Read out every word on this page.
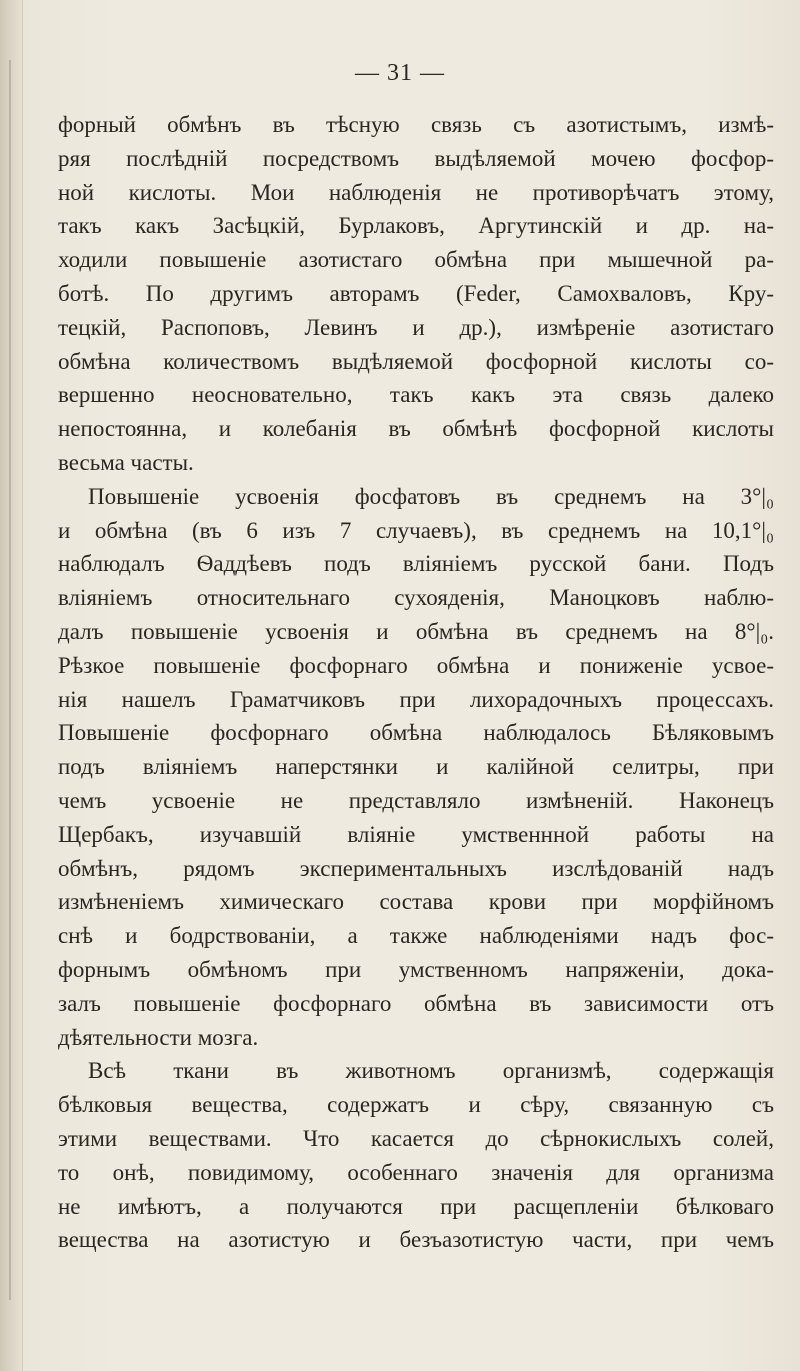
— 31 —
форный обмѣнъ въ тѣсную связь съ азотистымъ, измѣ-
ряя послѣднiй посредствомъ выдѣляемой мочею фосфор-
ной кислоты. Мои наблюденiя не противорѣчатъ этому,
такъ какъ Засѣцкiй, Бурлаковъ, Аргутинскiй и др. на-
ходили повышенiе азотистаго обмѣна при мышечной ра-
ботѣ. По другимъ авторамъ (Feder, Самохваловъ, Кру-
тецкiй, Распоповъ, Левинъ и др.), измѣренiе азотистаго
обмѣна количествомъ выдѣляемой фосфорной кислоты со-
вершенно неосновательно, такъ какъ эта связь далеко
непостоянна, и колебанiя въ обмѣнѣ фосфорной кислоты
весьма часты.
Повышенiе усвоенiя фосфатовъ въ среднемъ на 3°|₀
и обмѣна (въ 6 изъ 7 случаевъ), въ среднемъ на 10,1°|₀
наблюдалъ Ѳаддѣевъ подъ влiянiемъ русской бани. Подъ
влiянiемъ относительнаго сухояденiя, Маноцковъ наблю-
далъ повышенiе усвоенiя и обмѣна въ среднемъ на 8°|₀.
Рѣзкое повышенiе фосфорнаго обмѣна и пониженiе усвое-
нiя нашелъ Граматчиковъ при лихорадочныхъ процессахъ.
Повышенiе фосфорнаго обмѣна наблюдалось Бѣляковымъ
подъ влiянiемъ наперстянки и калiйной селитры, при
чемъ усвоенiе не представляло измѣненiй. Наконецъ
Щербакъ, изучавшiй влiянiе умственнной работы на
обмѣнъ, рядомъ экспериментальныхъ изслѣдованiй надъ
измѣненiемъ химическаго состава крови при морфiйномъ
снѣ и бодрствованiи, а также наблюденiями надъ фос-
форнымъ обмѣномъ при умственномъ напряженiи, дока-
залъ повышенiе фосфорнаго обмѣна въ зависимости отъ
дѣятельности мозга.
Всѣ ткани въ животномъ организмѣ, содержащiя
бѣлковыя вещества, содержатъ и сѣру, связанную съ
этими веществами. Что касается до сѣрнокислыхъ солей,
то онѣ, повидимому, особеннаго значенiя для организма
не имѣютъ, а получаются при расщепленiи бѣлковаго
вещества на азотистую и безъазотистую части, при чемъ
